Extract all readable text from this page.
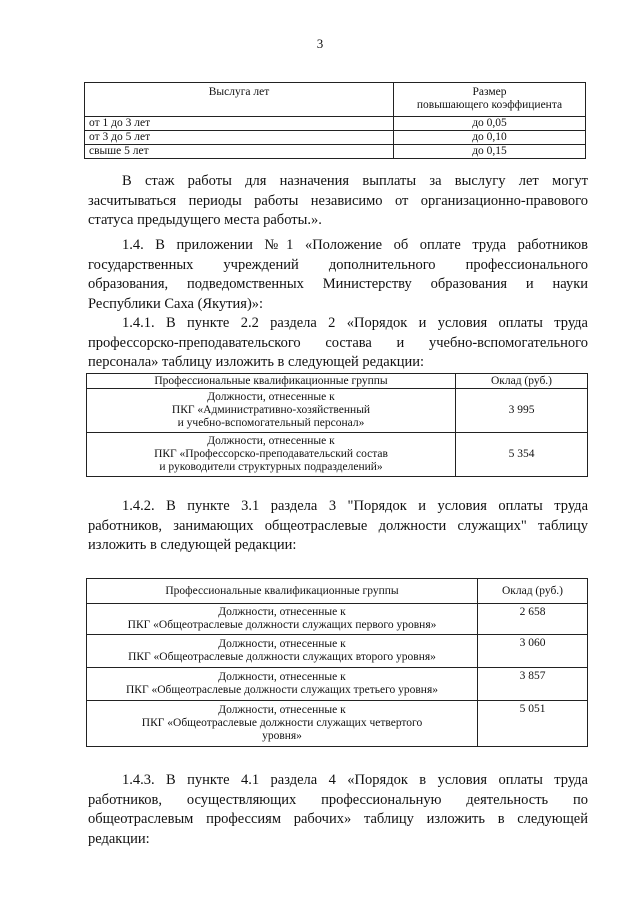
3
Выслуга лет	Размер
повышающего коэффициента

от 1 до 3 лет	до 0,05
от 3 до 5 лет	до 0,10
свыше 5 лет	до 0,15
В стаж работы для назначения выплаты за выслугу лет могут
засчитываться периоды работы независимо от организационно-правового
статуса предыдущего места работы.».
1.4. В приложении №1 «Положение об оплате труда работников
государственных учреждений дополнительного профессионального
образования, подведомственных Министерству образования и науки
Республики Саха (Якутия)»:
1.4.1. В пункте 2.2 раздела 2 «Порядок и условия оплаты труда
профессорско-преподавательского состава и учебно-вспомогательного
персонала» таблицу изложить в следующей редакции:
Профессиональные квалификационные группы	Оклад (руб.)

Должности, отнесенные к
ПКГ «Административно-хозяйственный
и учебно-вспомогательный персонал»	3 995

Должности, отнесенные к
ПКГ «Профессорско-преподавательский состав
и руководители структурных подразделений»	5 354
1.4.2. В пункте 3.1 раздела 3 "Порядок и условия оплаты труда
работников, занимающих общеотраслевые должности служащих" таблицу
изложить в следующей редакции:
Профессиональные квалификационные группы	Оклад (руб.)

Должности, отнесенные к
ПКГ «Общеотраслевые должности служащих первого уровня»	2 658

Должности, отнесенные к
ПКГ «Общеотраслевые должности служащих второго уровня»	3 060

Должности, отнесенные к
ПКГ «Общеотраслевые должности служащих третьего уровня»	3 857

Должности, отнесенные к
ПКГ «Общеотраслевые должности служащих четвертого
уровня»	5 051
1.4.3. В пункте 4.1 раздела 4 «Порядок в условия оплаты труда
работников, осуществляющих профессиональную деятельность по
общеотраслевым профессиям рабочих» таблицу изложить в следующей
редакции:
